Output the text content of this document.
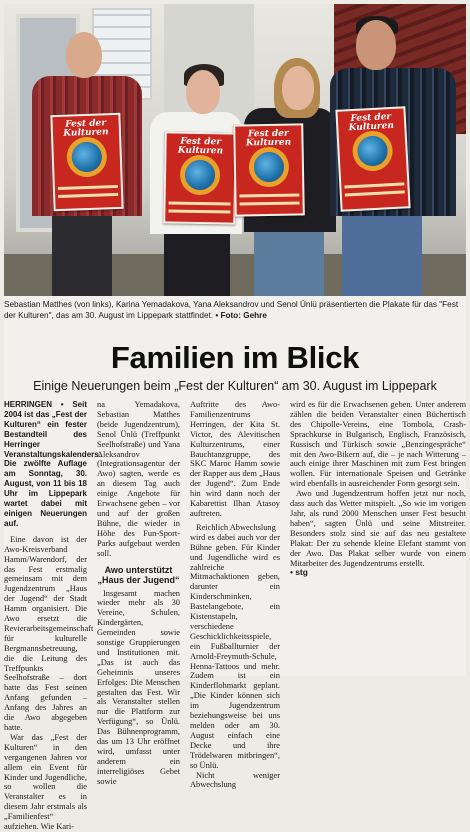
Fest der Kulturen
Fest der Kulturen
Fest der Kulturen
Fest der Kulturen
Sebastian Matthes (von links), Karina Yemadakova, Yana Aleksandrov und Senol Ünlü präsentierten die Plakate für das "Fest der Kulturen", das am 30. August im Lippepark stattfindet. • Foto: Gehre
Familien im Blick
Einige Neuerungen beim „Fest der Kulturen“ am 30. August im Lippepark

HERRINGEN • Seit 2004 ist das „Fest der Kulturen“ ein fester Bestandteil des Herringer Veranstaltungskalenders. Die zwölfte Auflage am Sonntag, 30. August, von 11 bis 18 Uhr im Lippepark wartet dabei mit einigen Neuerungen auf.

Eine davon ist der Awo-Kreisverband Hamm/Warendorf, der das Fest erstmalig gemeinsam mit dem Jugendzentrum „Haus der Jugend“ der Stadt Hamm organisiert. Die Awo ersetzt die Revierarbeitsgemeinschaft für kulturelle Bergmannsbetreuung, die die Leitung des Treffpunkts Seelhofstraße – dort hatte das Fest seinen Anfang gefunden – Anfang des Jahres an die Awo abgegeben hatte.

War das „Fest der Kulturen“ in den vergangenen Jahren vor allem ein Event für Kinder und Jugendliche, so wollen die Veranstalter es in diesem Jahr erstmals als „Familienfest“ aufziehen. Wie Kari-

na Yemadakova, Sebastian Matthes (beide Jugendzentrum), Senol Ünlü (Treffpunkt Seelhofstraße) und Yana Aleksandrov (Integrationsagentur der Awo) sagten, werde es an diesem Tag auch einige Angebote für Erwachsene geben – vor und auf der großen Bühne, die wieder in Höhe des Fun-Sport-Parks aufgebaut werden soll.

Awo unterstützt „Haus der Jugend“

Insgesamt machen wieder mehr als 30 Vereine, Schulen, Kindergärten, Gemeinden sowie sonstige Gruppierungen und Institutionen mit. „Das ist auch das Geheimnis unseres Erfolges: Die Menschen gestalten das Fest. Wir als Veranstalter stellen nur die Plattform zur Verfügung“, so Ünlü. Das Bühnenprogramm, das um 13 Uhr eröffnet wird, umfasst unter anderem ein interreligiöses Gebet sowie

Auftritte des Awo-Familienzentrums Herringen, der Kita St. Victor, des Alevitischen Kulturzentrums, einer Bauchtanzgruppe, des SKC Maroc Hamm sowie der Rapper aus dem „Haus der Jugend“. Zum Ende hin wird dann noch der Kabarettist Ilhan Atasoy auftreten.

Reichlich Abwechslung

wird es dabei auch vor der Bühne geben. Für Kinder und Jugendliche wird es zahlreiche Mitmachaktionen geben, darunter ein Kinderschminken, Bastelangebote, ein Kistenstapeln, verschiedene Geschicklichkeitsspiele, ein Fußballturnier der Arnold-Freymuth-Schule, Henna-Tattoos und mehr. Zudem ist ein Kinderflohmarkt geplant. „Die Kinder können sich im Jugendzentrum beziehungsweise bei uns melden oder am 30. August einfach eine Decke und ihre Trödelwaren mitbringen“, so Ünlü.

Nicht weniger Abwechslung

wird es für die Erwachsenen geben. Unter anderem zählen die beiden Veranstalter einen Büchertisch des Chipolle-Vereins, eine Tombola, Crash-Sprachkurse in Bulgarisch, Englisch, Französisch, Russisch und Türkisch sowie „Benzingespräche“ mit den Awo-Bikern auf, die – je nach Witterung – auch einige ihrer Maschinen mit zum Fest bringen wollen. Für internationale Speisen und Getränke wird ebenfalls in ausreichender Form gesorgt sein.

Awo und Jugendzentrum hoffen jetzt nur noch, dass auch das Wetter mitspielt. „So wie im vorigen Jahr, als rund 2000 Menschen unser Fest besucht haben“, sagten Ünlü und seine Mitstreiter. Besonders stolz sind sie auf das neu gestaltete Plakat: Der zu sehende kleine Elefant stammt von der Awo. Das Plakat selber wurde von einem Mitarbeiter des Jugendzentrums erstellt.

• stg
